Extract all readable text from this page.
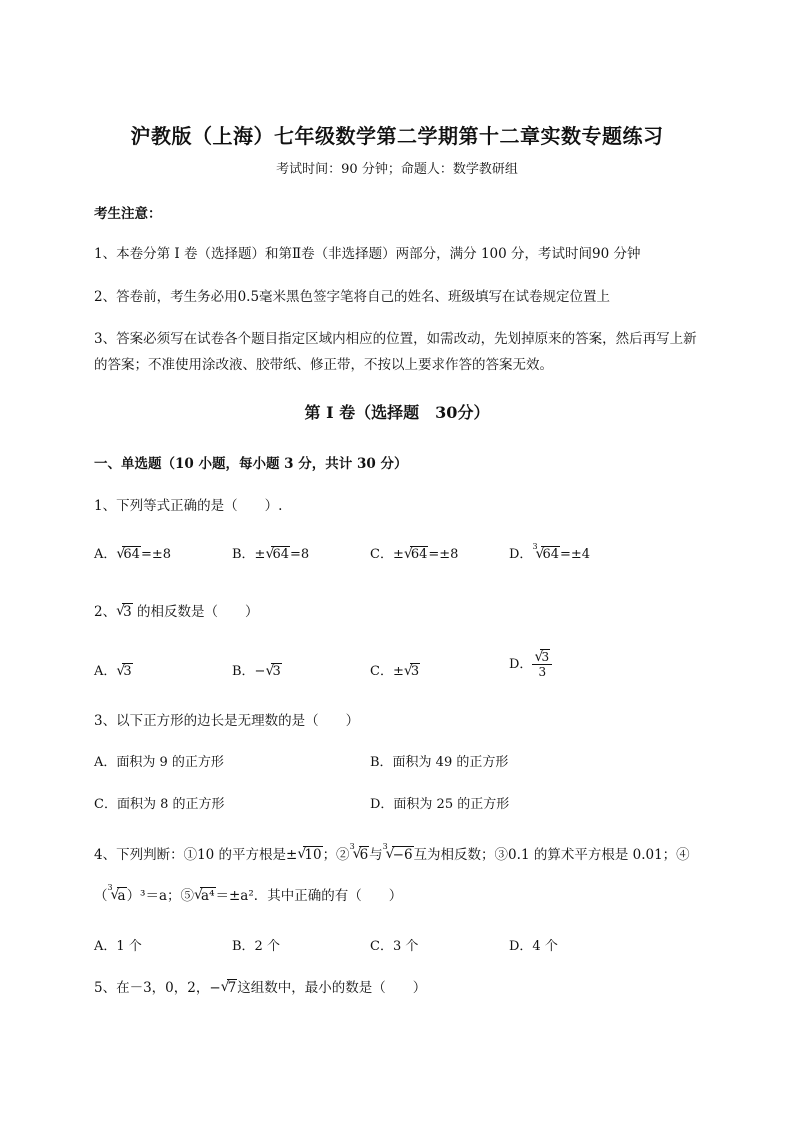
沪教版（上海）七年级数学第二学期第十二章实数专题练习
考试时间：90 分钟；命题人：数学教研组
考生注意：
1、本卷分第 I 卷（选择题）和第Ⅱ卷（非选择题）两部分，满分 100 分，考试时间90 分钟
2、答卷前，考生务必用0.5毫米黑色签字笔将自己的姓名、班级填写在试卷规定位置上
3、答案必须写在试卷各个题目指定区域内相应的位置，如需改动，先划掉原来的答案，然后再写上新
的答案；不准使用涂改液、胶带纸、修正带，不按以上要求作答的答案无效。
第 I 卷（选择题　30分）
一、单选题（10 小题，每小题 3 分，共计 30 分）
1、下列等式正确的是（　　）.
A． √
64=±8	B．± √
64=8	C．± √
64=±8	D．
3
√
64=±4
2、 √
3 的相反数是（　　）
A． √
3	B．− √
3	C．± √
3	D． √
3
3
3、以下正方形的边长是无理数的是（　　）
A．面积为 9 的正方形	B．面积为 49 的正方形
C．面积为 8 的正方形	D．面积为 25 的正方形
4、下列判断：①10 的平方根是± √
10；②
3
√
6与
3
√
−6互为相反数；③0.1 的算术平方根是 0.01；④
（
3
√
a）³＝a；⑤ √
a⁴＝±a²．其中正确的有（　　）
A．1 个	B．2 个	C．3 个	D．4 个
5、在－3，0，2，− √
7这组数中，最小的数是（　　）
